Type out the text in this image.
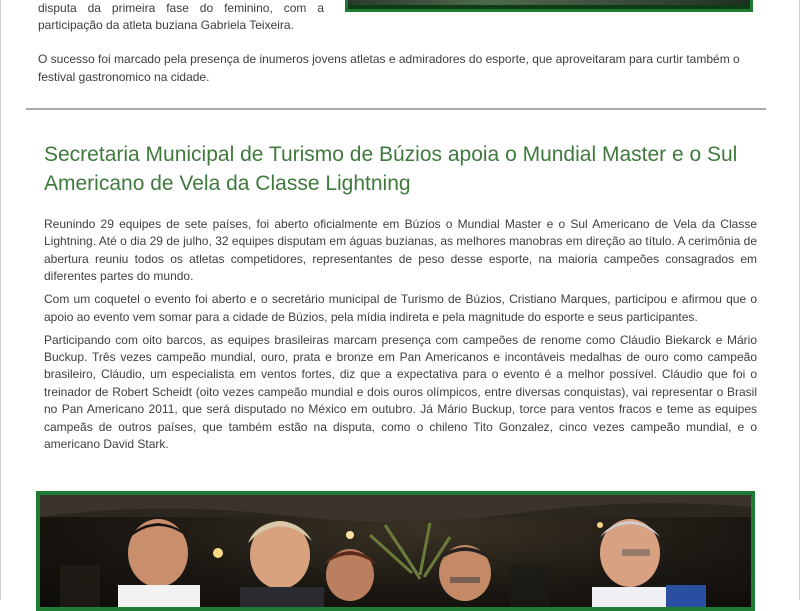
disputa da primeira fase do feminino, com a participação da atleta buziana Gabriela Teixeira.
O sucesso foi marcado pela presença de inumeros jovens atletas e admiradores do esporte, que aproveitaram para curtir também o festival gastronomico na cidade.
Secretaria Municipal de Turismo de Búzios apoia o Mundial Master e o Sul Americano de Vela da Classe Lightning

Reunindo 29 equipes de sete países, foi aberto oficialmente em Búzios o Mundial Master e o Sul Americano de Vela da Classe Lightning. Até o dia 29 de julho, 32 equipes disputam em águas buzianas, as melhores manobras em direção ao título. A cerimônia de abertura reuniu todos os atletas competidores, representantes de peso desse esporte, na maioria campeões consagrados em diferentes partes do mundo.

Com um coquetel o evento foi aberto e o secretário municipal de Turismo de Búzios, Cristiano Marques, participou e afirmou que o apoio ao evento vem somar para a cidade de Búzios, pela mídia indireta e pela magnitude do esporte e seus participantes.

Participando com oito barcos, as equipes brasileiras marcam presença com campeões de renome como Cláudio Biekarck e Mário Buckup. Três vezes campeão mundial, ouro, prata e bronze em Pan Americanos e incontáveis medalhas de ouro como campeão brasileiro, Cláudio, um especialista em ventos fortes, diz que a expectativa para o evento é a melhor possível. Cláudio que foi o treinador de Robert Scheidt (oito vezes campeão mundial e dois ouros olímpicos, entre diversas conquistas), vai representar o Brasil no Pan Americano 2011, que será disputado no México em outubro. Já Mário Buckup, torce para ventos fracos e teme as equipes campeãs de outros países, que também estão na disputa, como o chileno Tito Gonzalez, cinco vezes campeão mundial, e o americano David Stark.
